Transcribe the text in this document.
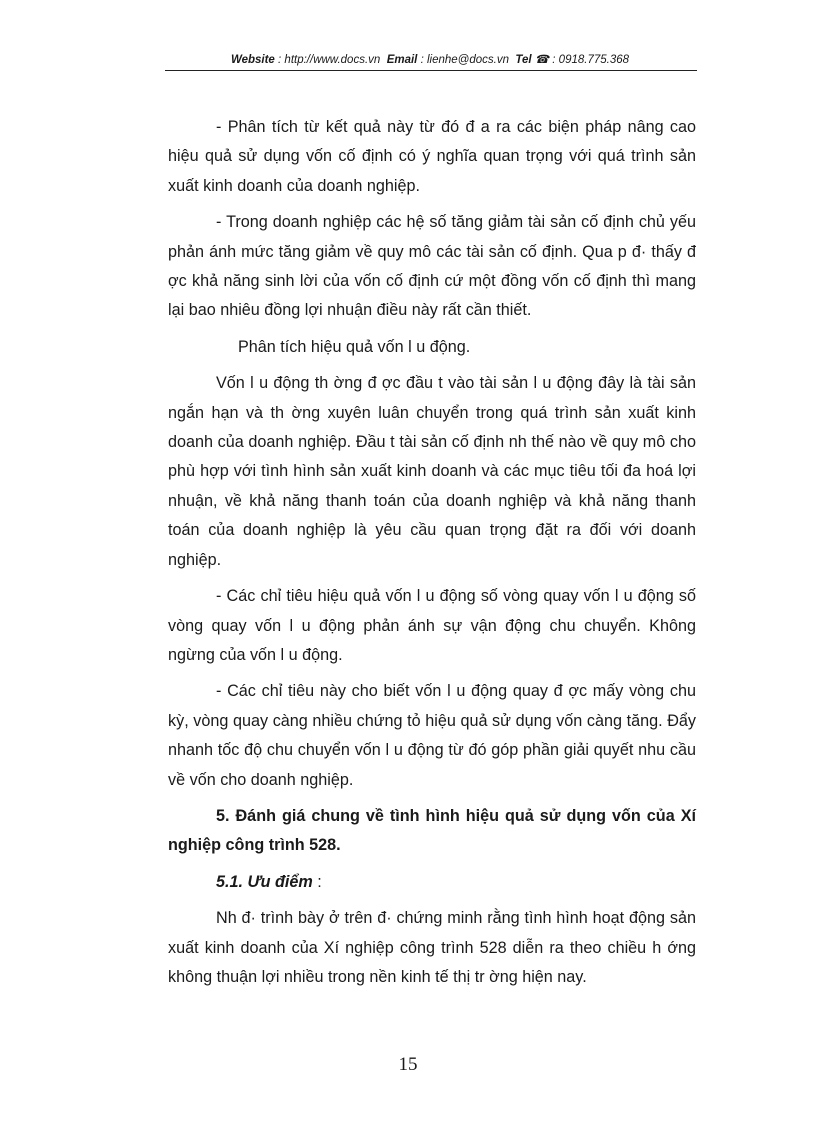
Website : http://www.docs.vn Email : lienhe@docs.vn Tel ☎ : 0918.775.368

- Phân tích từ kết quả này từ đó đ a ra các biện pháp nâng cao hiệu quả sử dụng vốn cố định có ý nghĩa quan trọng với quá trình sản xuất kinh doanh của doanh nghiệp.

- Trong doanh nghiệp các hệ số tăng giảm tài sản cố định chủ yếu phản ánh mức tăng giảm về quy mô các tài sản cố định. Qua p đ· thấy đ ợc khả năng sinh lời của vốn cố định cứ một đồng vốn cố định thì mang lại bao nhiêu đồng lợi nhuận điều này rất cần thiết.

Phân tích hiệu quả vốn l u động.

Vốn l u động th ờng đ ợc đầu t vào tài sản l u động đây là tài sản ngắn hạn và th ờng xuyên luân chuyển trong quá trình sản xuất kinh doanh của doanh nghiệp. Đầu t tài sản cố định nh thế nào về quy mô cho phù hợp với tình hình sản xuất kinh doanh và các mục tiêu tối đa hoá lợi nhuận, về khả năng thanh toán của doanh nghiệp và khả năng thanh toán của doanh nghiệp là yêu cầu quan trọng đặt ra đối với doanh nghiệp.

- Các chỉ tiêu hiệu quả vốn l u động số vòng quay vốn l u động số vòng quay vốn l u động phản ánh sự vận động chu chuyển. Không ngừng của vốn l u động.

- Các chỉ tiêu này cho biết vốn l u động quay đ ợc mấy vòng chu kỳ, vòng quay càng nhiều chứng tỏ hiệu quả sử dụng vốn càng tăng. Đẩy nhanh tốc độ chu chuyển vốn l u động từ đó góp phần giải quyết nhu cầu về vốn cho doanh nghiệp.

5. Đánh giá chung về tình hình hiệu quả sử dụng vốn của Xí nghiệp công trình 528.

5.1. Ưu điểm :

Nh đ· trình bày ở trên đ· chứng minh rằng tình hình hoạt động sản xuất kinh doanh của Xí nghiệp công trình 528 diễn ra theo chiều h ớng không thuận lợi nhiều trong nền kinh tế thị tr ờng hiện nay.

15
